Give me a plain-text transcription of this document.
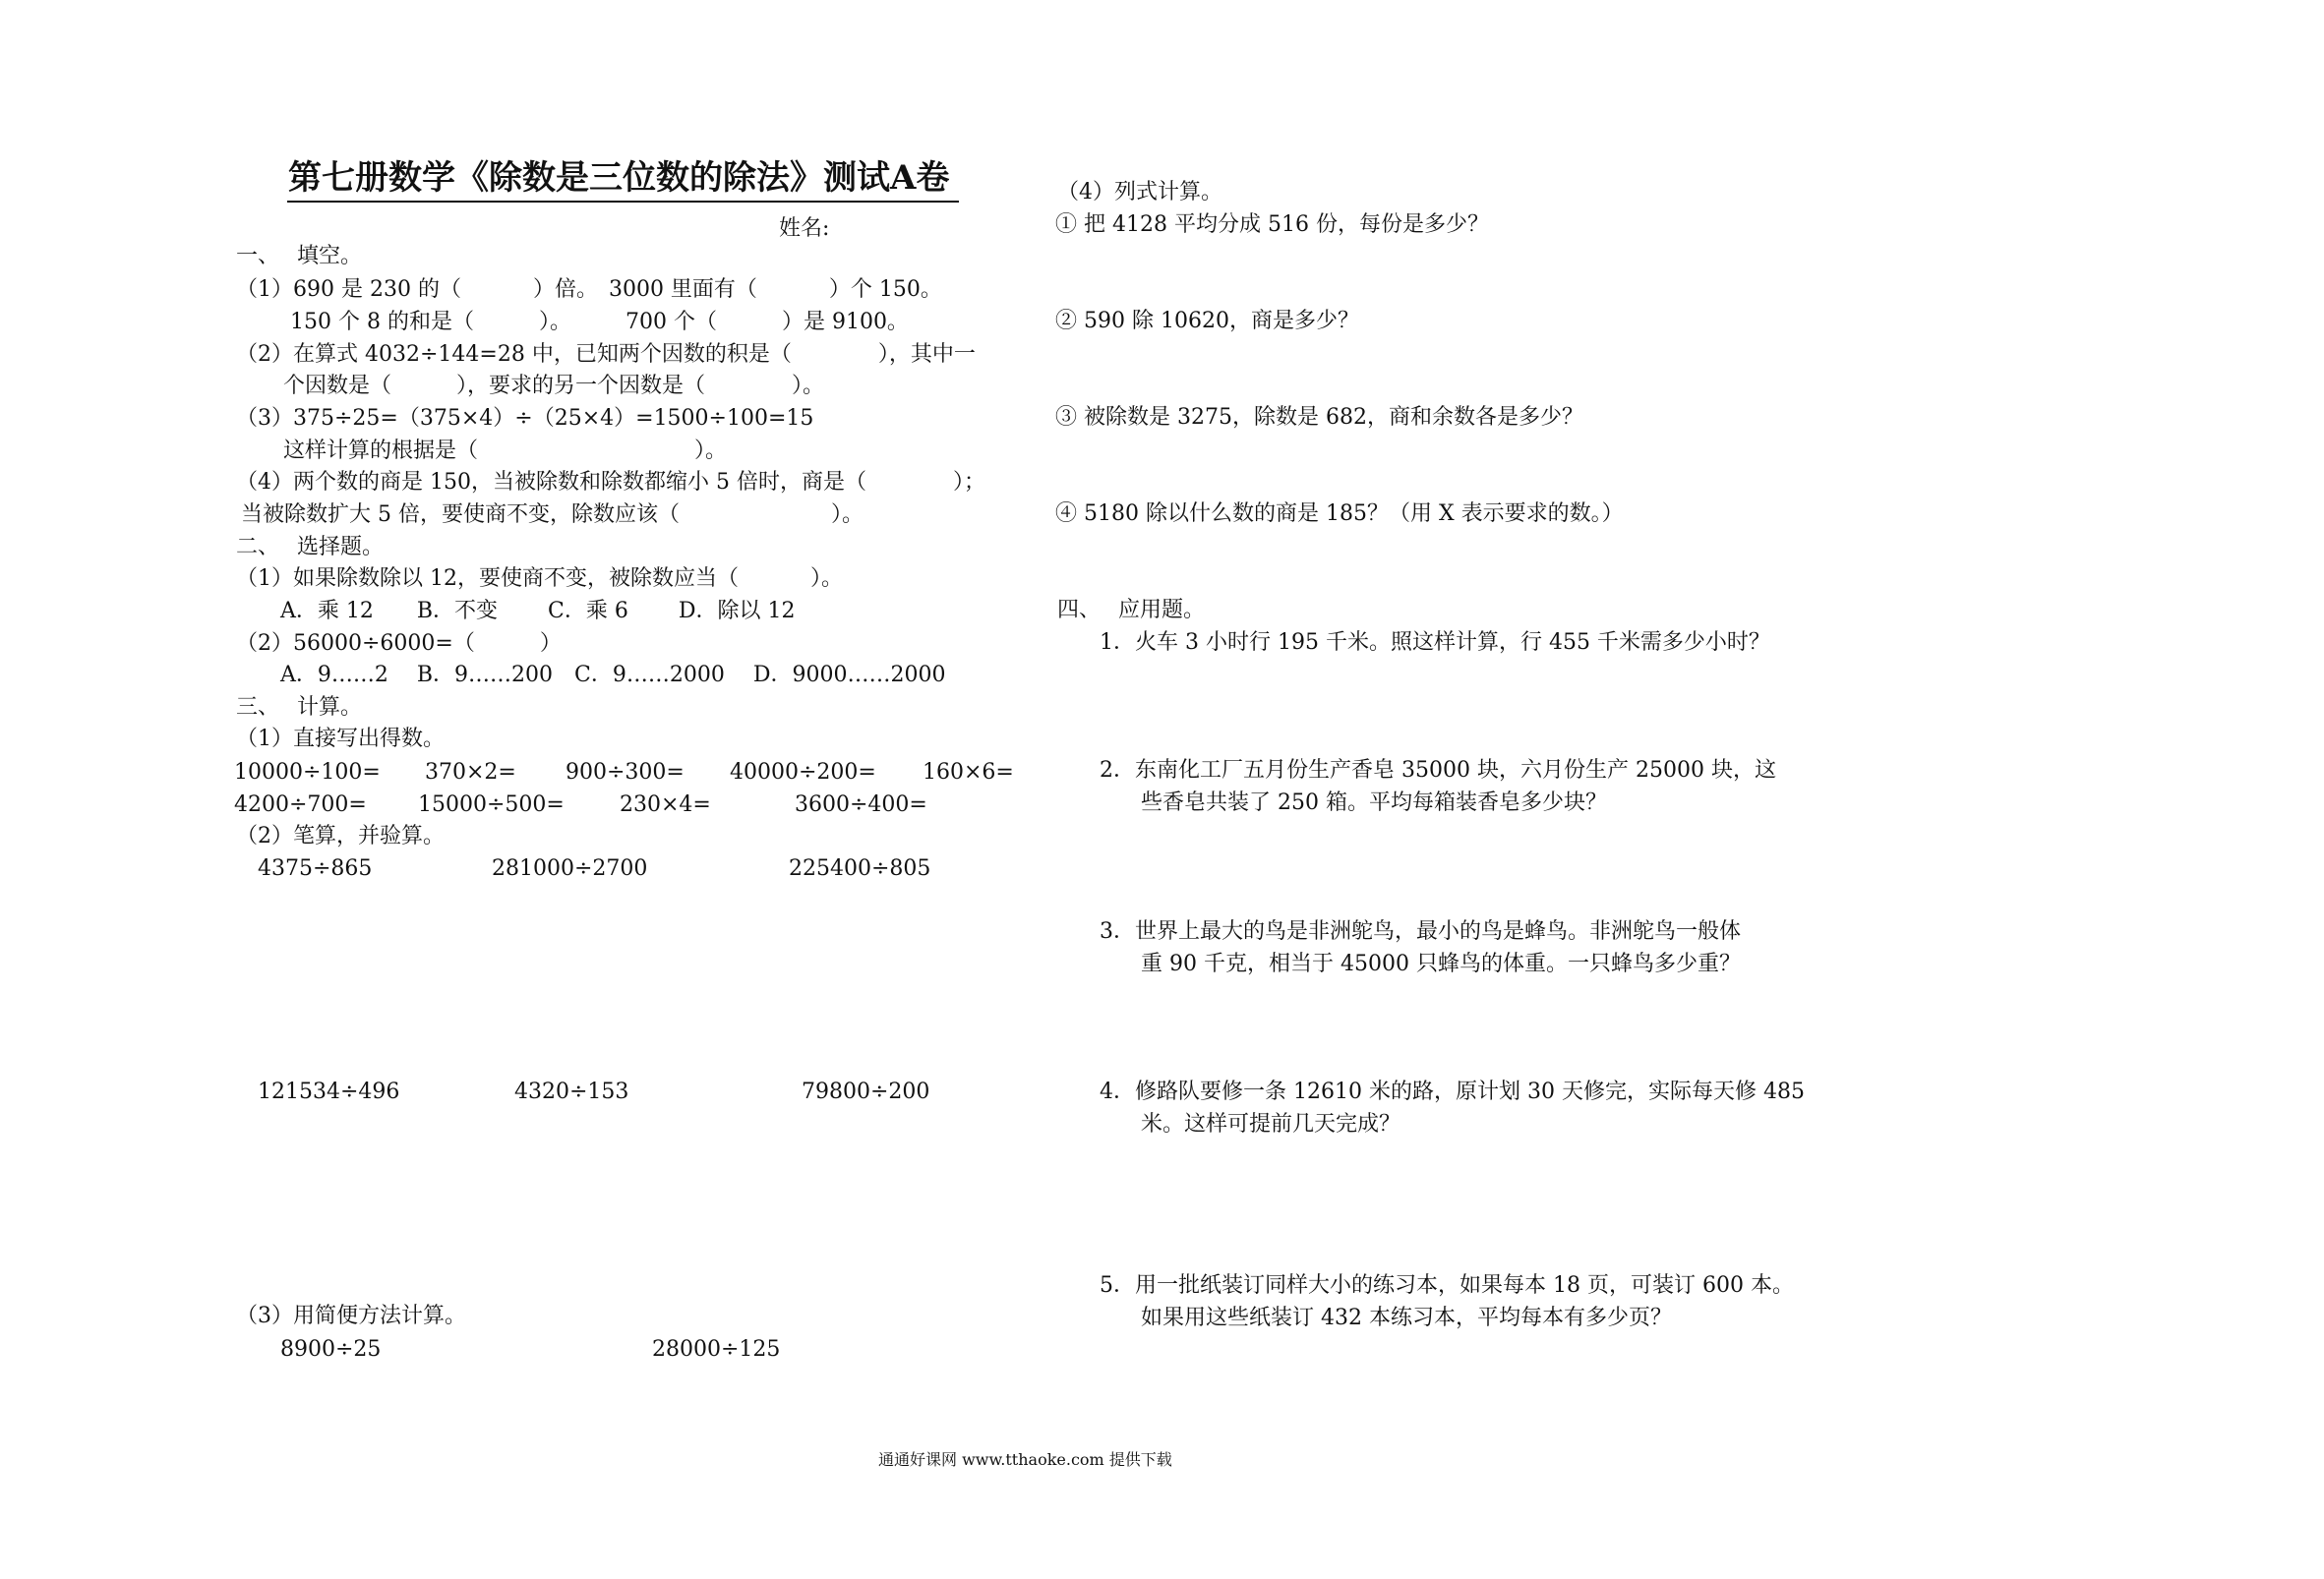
第七册数学《除数是三位数的除法》测试A卷
姓名:
一、　 填空。
（1）690 是 230 的（　　　 ）倍。　3000 里面有（　　　 ）个 150。
150 个 8 的和是（　　　）。　　　700 个（　　　）是 9100。
（2）在算式 4032÷144=28 中，已知两个因数的积是（　　　　），其中一
个因数是（　　　），要求的另一个因数是（　　　　）。
（3）375÷25=（375×4）÷（25×4）=1500÷100=15
这样计算的根据是（　　　　　　　　　　）。
（4）两个数的商是 150，当被除数和除数都缩小 5 倍时，商是（　　　　）；
当被除数扩大 5 倍，要使商不变，除数应该（　　　　　　　）。
二、　 选择题。
（1）如果除数除以 12，要使商不变，被除数应当（　　　 ）。
A．乘 12　　B．不变　　 C．乘 6　　 D．除以 12
（2）56000÷6000=（　　　）
A．9……2　 B．9……200　C．9……2000　 D．9000……2000
三、　 计算。
（1）直接写出得数。
10000÷100= 370×2= 900÷300= 40000÷200= 160×6=
4200÷700= 15000÷500=	230×4=	3600÷400=
（2）笔算，并验算。
4375÷865	281000÷2700	225400÷805
121534÷496	4320÷153	79800÷200
（3）用简便方法计算。
8900÷25	28000÷125
（4）列式计算。
① 把 4128 平均分成 516 份，每份是多少？
② 590 除 10620，商是多少？
③ 被除数是 3275，除数是 682，商和余数各是多少？
④ 5180 除以什么数的商是 185？（用 X 表示要求的数。）
四、　 应用题。
1．火车 3 小时行 195 千米。照这样计算，行 455 千米需多少小时？
2．东南化工厂五月份生产香皂 35000 块，六月份生产 25000 块，这
些香皂共装了 250 箱。平均每箱装香皂多少块？
3．世界上最大的鸟是非洲鸵鸟，最小的鸟是蜂鸟。非洲鸵鸟一般体
重 90 千克，相当于 45000 只蜂鸟的体重。一只蜂鸟多少重？
4．修路队要修一条 12610 米的路，原计划 30 天修完，实际每天修 485
米。这样可提前几天完成？
5．用一批纸装订同样大小的练习本，如果每本 18 页，可装订 600 本。
如果用这些纸装订 432 本练习本，平均每本有多少页？
通通好课网 www.tthaoke.com 提供下载
